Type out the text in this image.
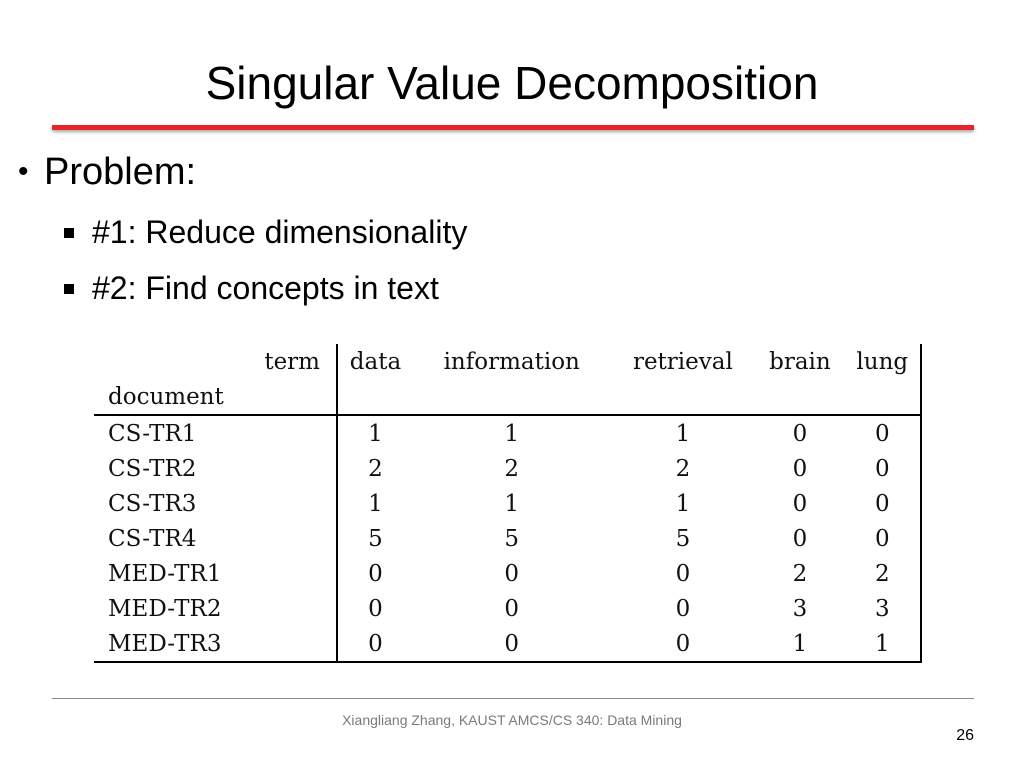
Singular Value Decomposition
• Problem:
#1: Reduce dimensionality
#2: Find concepts in text
term	data	information	retrieval	brain	lung
document					
CS-TR1	1	1	1	0	0
CS-TR2	2	2	2	0	0
CS-TR3	1	1	1	0	0
CS-TR4	5	5	5	0	0
MED-TR1	0	0	0	2	2
MED-TR2	0	0	0	3	3
MED-TR3	0	0	0	1	1
Xiangliang Zhang, KAUST AMCS/CS 340: Data Mining
26
